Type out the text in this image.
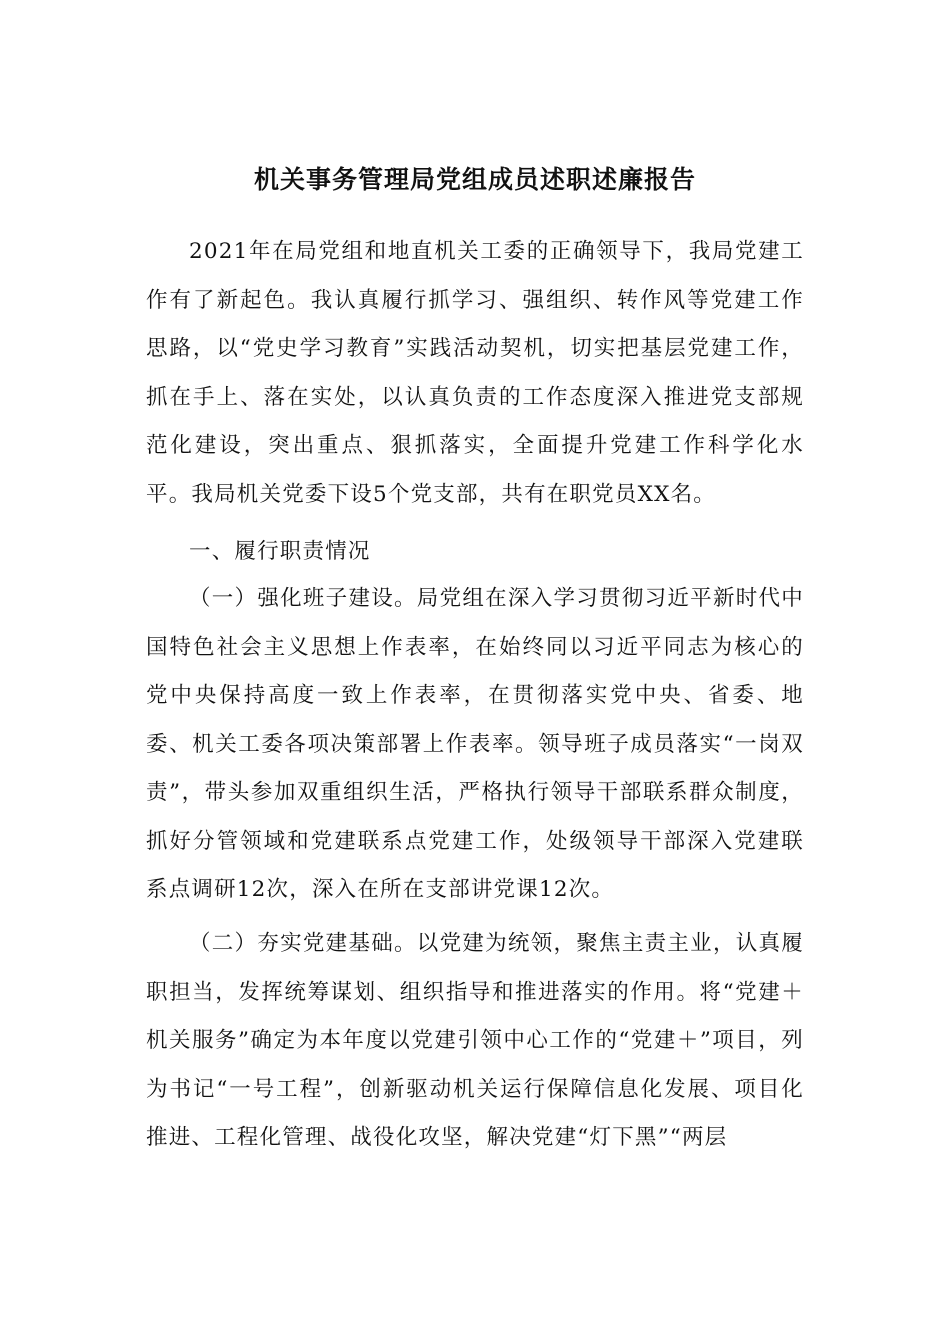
机关事务管理局党组成员述职述廉报告

2021年在局党组和地直机关工委的正确领导下，我局党建工作有了新起色。我认真履行抓学习、强组织、转作风等党建工作思路，以“党史学习教育”实践活动契机，切实把基层党建工作，抓在手上、落在实处，以认真负责的工作态度深入推进党支部规范化建设，突出重点、狠抓落实，全面提升党建工作科学化水平。我局机关党委下设5个党支部，共有在职党员XX名。

一、履行职责情况

（一）强化班子建设。局党组在深入学习贯彻习近平新时代中国特色社会主义思想上作表率，在始终同以习近平同志为核心的党中央保持高度一致上作表率，在贯彻落实党中央、省委、地委、机关工委各项决策部署上作表率。领导班子成员落实“一岗双责”，带头参加双重组织生活，严格执行领导干部联系群众制度，抓好分管领域和党建联系点党建工作，处级领导干部深入党建联系点调研12次，深入在所在支部讲党课12次。

（二）夯实党建基础。以党建为统领，聚焦主责主业，认真履职担当，发挥统筹谋划、组织指导和推进落实的作用。将“党建＋机关服务”确定为本年度以党建引领中心工作的“党建＋”项目，列为书记“一号工程”，创新驱动机关运行保障信息化发展、项目化推进、工程化管理、战役化攻坚，解决党建“灯下黑”“两层
